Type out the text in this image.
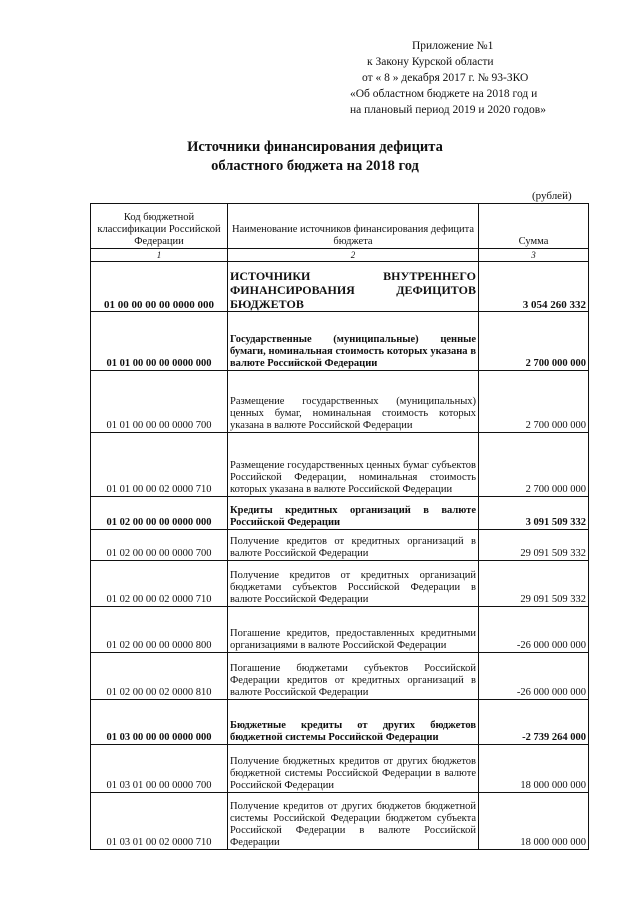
Приложение №1
к Закону Курской области
от « 8 » декабря 2017 г. № 93-ЗКО
«Об областном бюджете на 2018 год и
на плановый период 2019 и 2020 годов»
Источники финансирования дефицита
областного бюджета на 2018 год
(рублей)
Код бюджетной классификации Российской Федерации	Наименование источников финансирования дефицита бюджета	Сумма
1	2	3
01 00 00 00 00 0000 000	ИСТОЧНИКИ ВНУТРЕННЕГО ФИНАНСИРОВАНИЯ ДЕФИЦИТОВ БЮДЖЕТОВ	3 054 260 332
01 01 00 00 00 0000 000	Государственные (муниципальные) ценные бумаги, номинальная стоимость которых указана в валюте Российской Федерации	2 700 000 000
01 01 00 00 00 0000 700	Размещение государственных (муниципальных) ценных бумаг, номинальная стоимость которых указана в валюте Российской Федерации	2 700 000 000
01 01 00 00 02 0000 710	Размещение государственных ценных бумаг субъектов Российской Федерации, номинальная стоимость которых указана в валюте Российской Федерации	2 700 000 000
01 02 00 00 00 0000 000	Кредиты кредитных организаций в валюте Российской Федерации	3 091 509 332
01 02 00 00 00 0000 700	Получение кредитов от кредитных организаций в валюте Российской Федерации	29 091 509 332
01 02 00 00 02 0000 710	Получение кредитов от кредитных организаций бюджетами субъектов Российской Федерации в валюте Российской Федерации	29 091 509 332
01 02 00 00 00 0000 800	Погашение кредитов, предоставленных кредитными организациями в валюте Российской Федерации	-26 000 000 000
01 02 00 00 02 0000 810	Погашение бюджетами субъектов Российской Федерации кредитов от кредитных организаций в валюте Российской Федерации	-26 000 000 000
01 03 00 00 00 0000 000	Бюджетные кредиты от других бюджетов бюджетной системы Российской Федерации	-2 739 264 000
01 03 01 00 00 0000 700	Получение бюджетных кредитов от других бюджетов бюджетной системы Российской Федерации в валюте Российской Федерации	18 000 000 000
01 03 01 00 02 0000 710	Получение кредитов от других бюджетов бюджетной системы Российской Федерации бюджетом субъекта Российской Федерации в валюте Российской Федерации	18 000 000 000
